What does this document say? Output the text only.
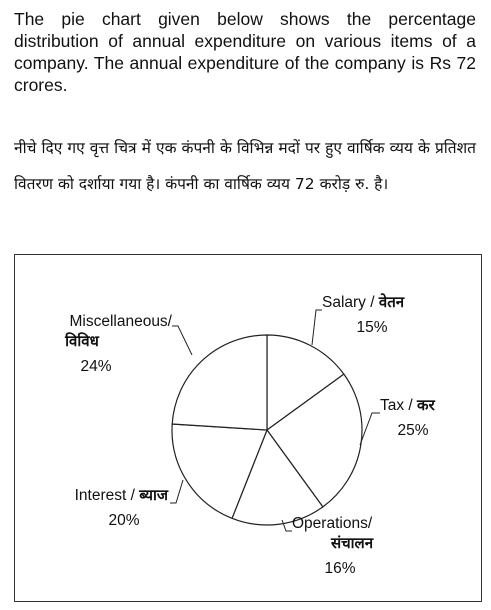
The pie chart given below shows the percentage distribution of annual expenditure on various items of a company. The annual expenditure of the company is Rs 72 crores.

नीचे दिए गए वृत्त चित्र में एक कंपनी के विभिन्न मदों पर हुए वार्षिक व्यय के प्रतिशत वितरण को दर्शाया गया है। कंपनी का वार्षिक व्यय 72 करोड़ रु. है।

Salary / वेतन 15%
Tax / कर 25%
Operations/ संचालन 16%
Interest / ब्याज 20%
Miscellaneous/ विविध 24%
